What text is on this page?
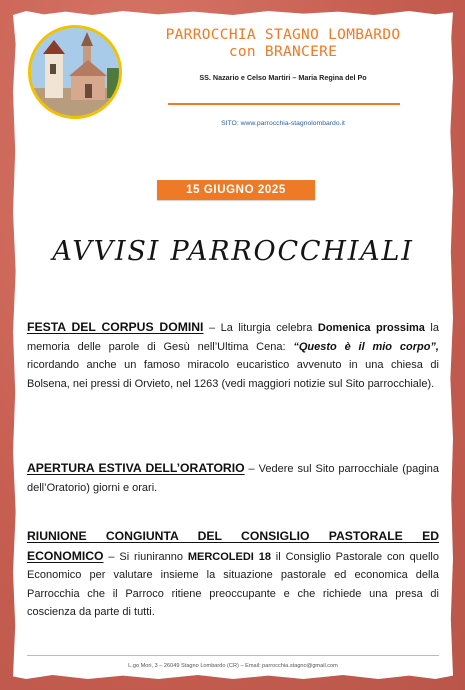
PARROCCHIA STAGNO LOMBARDO
con BRANCERE
SS. Nazario e Celso Martiri – Maria Regina del Po
SITO: www.parrocchia-stagnolombardo.it
15 GIUGNO 2025
AVVISI PARROCCHIALI
FESTA DEL CORPUS DOMINI – La liturgia celebra Domenica prossima la memoria delle parole di Gesù nell’Ultima Cena: “Questo è il mio corpo”, ricordando anche un famoso miracolo eucaristico avvenuto in una chiesa di Bolsena, nei pressi di Orvieto, nel 1263 (vedi maggiori notizie sul Sito parrocchiale).
APERTURA ESTIVA DELL’ORATORIO – Vedere sul Sito parrocchiale (pagina dell’Oratorio) giorni e orari.
RIUNIONE CONGIUNTA DEL CONSIGLIO PASTORALE ED ECONOMICO – Si riuniranno MERCOLEDI 18 il Consiglio Pastorale con quello Economico per valutare insieme la situazione pastorale ed economica della Parrocchia che il Parroco ritiene preoccupante e che richiede una presa di coscienza da parte di tutti.
L.go Mori, 3 – 26049 Stagno Lombardo (CR) – Email: parrocchia.stagno@gmail.com
